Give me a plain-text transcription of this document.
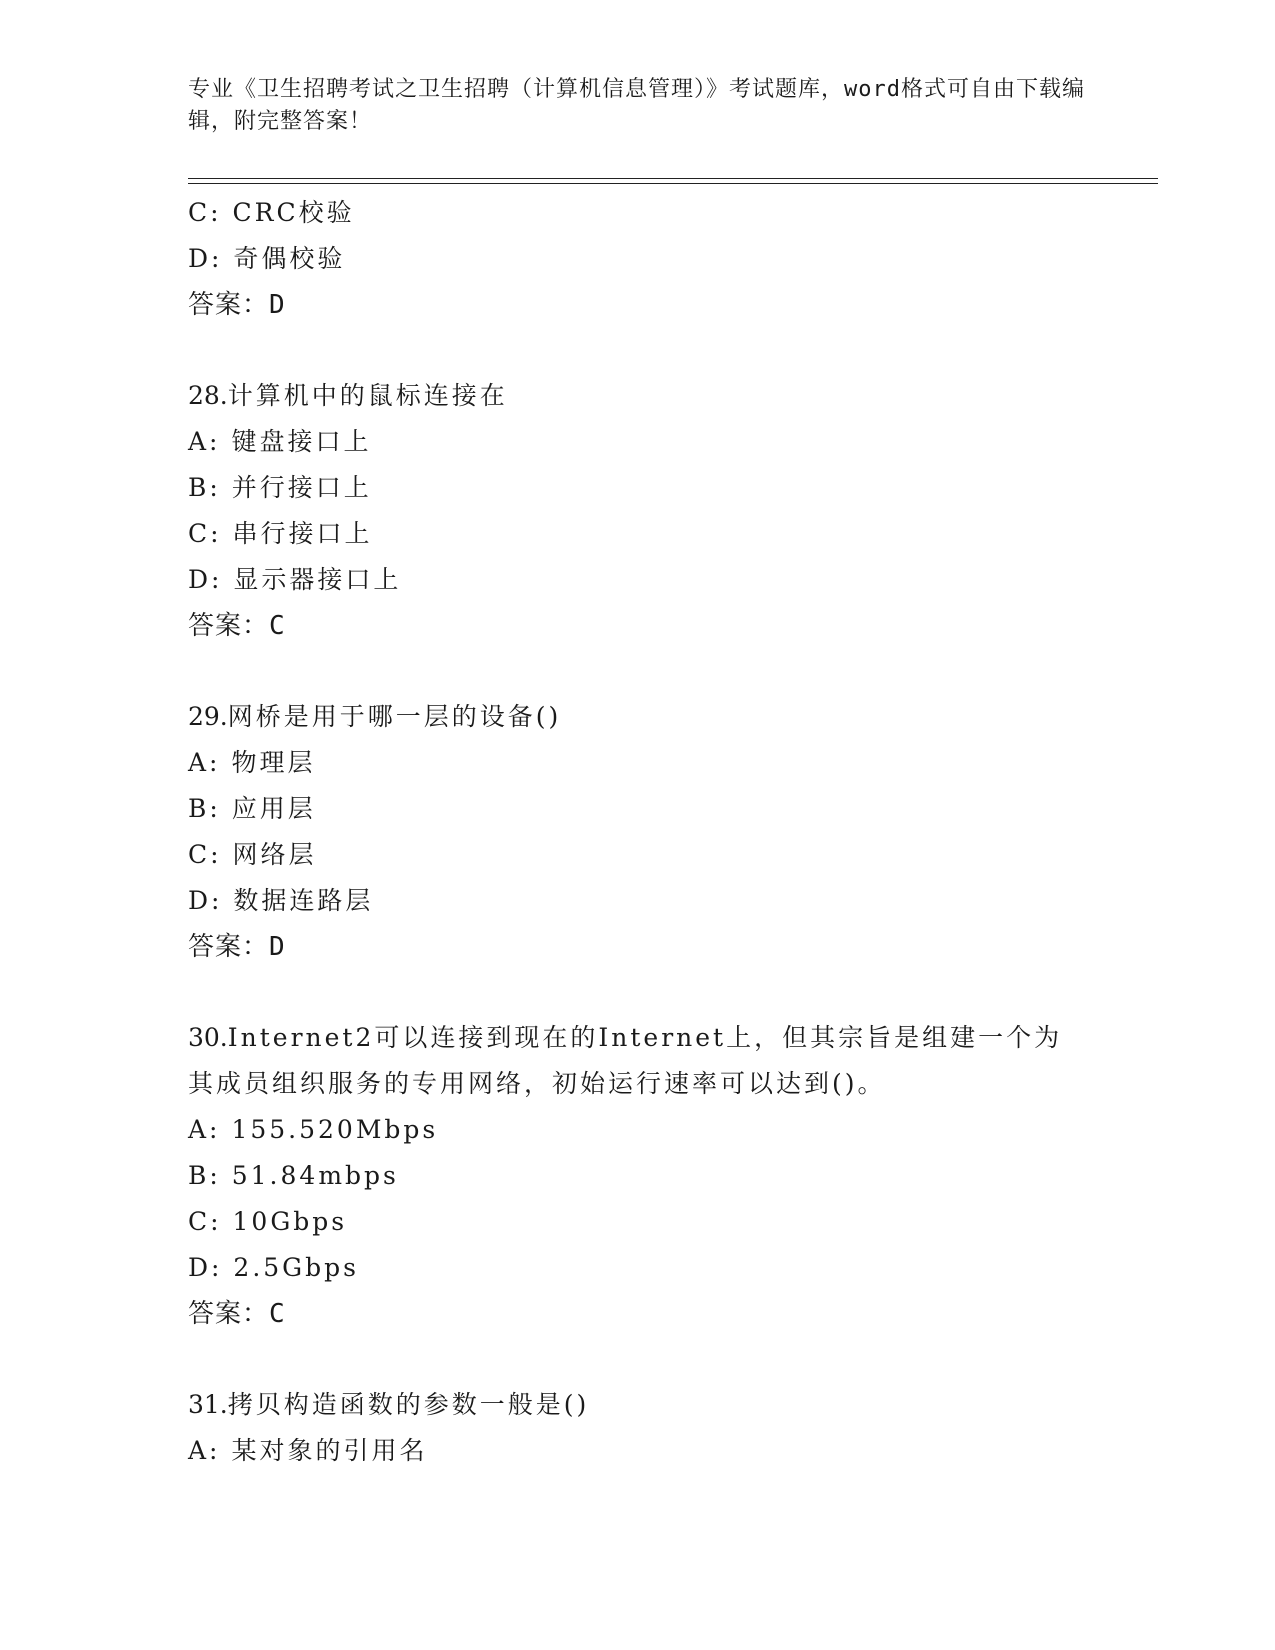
专业《卫生招聘考试之卫生招聘（计算机信息管理）》考试题库，word格式可自由下载编辑，附完整答案！
C: CRC校验
D: 奇偶校验
答案：D
28.计算机中的鼠标连接在
A: 键盘接口上
B: 并行接口上
C: 串行接口上
D: 显示器接口上
答案：C
29.网桥是用于哪一层的设备()
A: 物理层
B: 应用层
C: 网络层
D: 数据连路层
答案：D
30.Internet2可以连接到现在的Internet上，但其宗旨是组建一个为其成员组织服务的专用网络，初始运行速率可以达到()。
A: 155.520Mbps
B: 51.84mbps
C: 10Gbps
D: 2.5Gbps
答案：C
31.拷贝构造函数的参数一般是()
A: 某对象的引用名
